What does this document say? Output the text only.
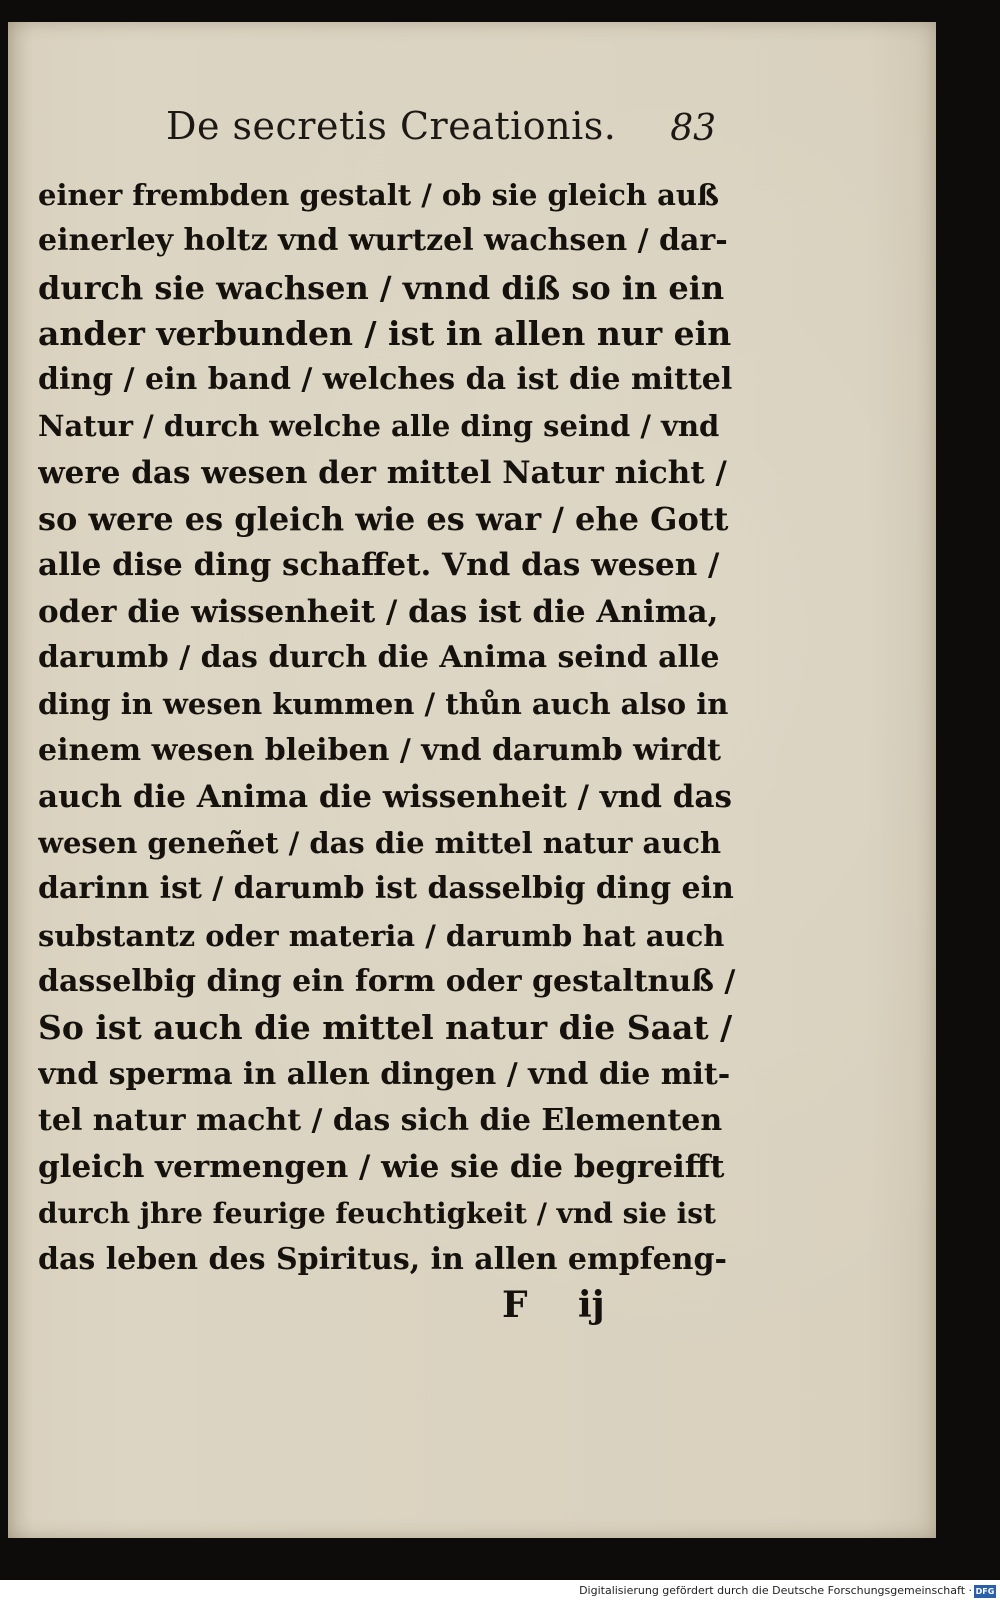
De secretis Creationis. 83
einer frembden gestalt / ob sie gleich auß
einerley holtz vnd wurtzel wachsen / dar-
durch sie wachsen / vnnd diß so in ein
ander verbunden / ist in allen nur ein
ding / ein band / welches da ist die mittel
Natur / durch welche alle ding seind / vnd
were das wesen der mittel Natur nicht /
so were es gleich wie es war / ehe Gott
alle dise ding schaffet. Vnd das wesen /
oder die wissenheit / das ist die Anima,
darumb / das durch die Anima seind alle
ding in wesen kummen / thůn auch also in
einem wesen bleiben / vnd darumb wirdt
auch die Anima die wissenheit / vnd das
wesen geneñet / das die mittel natur auch
darinn ist / darumb ist dasselbig ding ein
substantz oder materia / darumb hat auch
dasselbig ding ein form oder gestaltnuß /
So ist auch die mittel natur die Saat /
vnd sperma in allen dingen / vnd die mit-
tel natur macht / das sich die Elementen
gleich vermengen / wie sie die begreifft
durch jhre feurige feuchtigkeit / vnd sie ist
das leben des Spiritus, in allen empfeng-
F ij
Digitalisierung gefördert durch die Deutsche Forschungsgemeinschaft · DFG
